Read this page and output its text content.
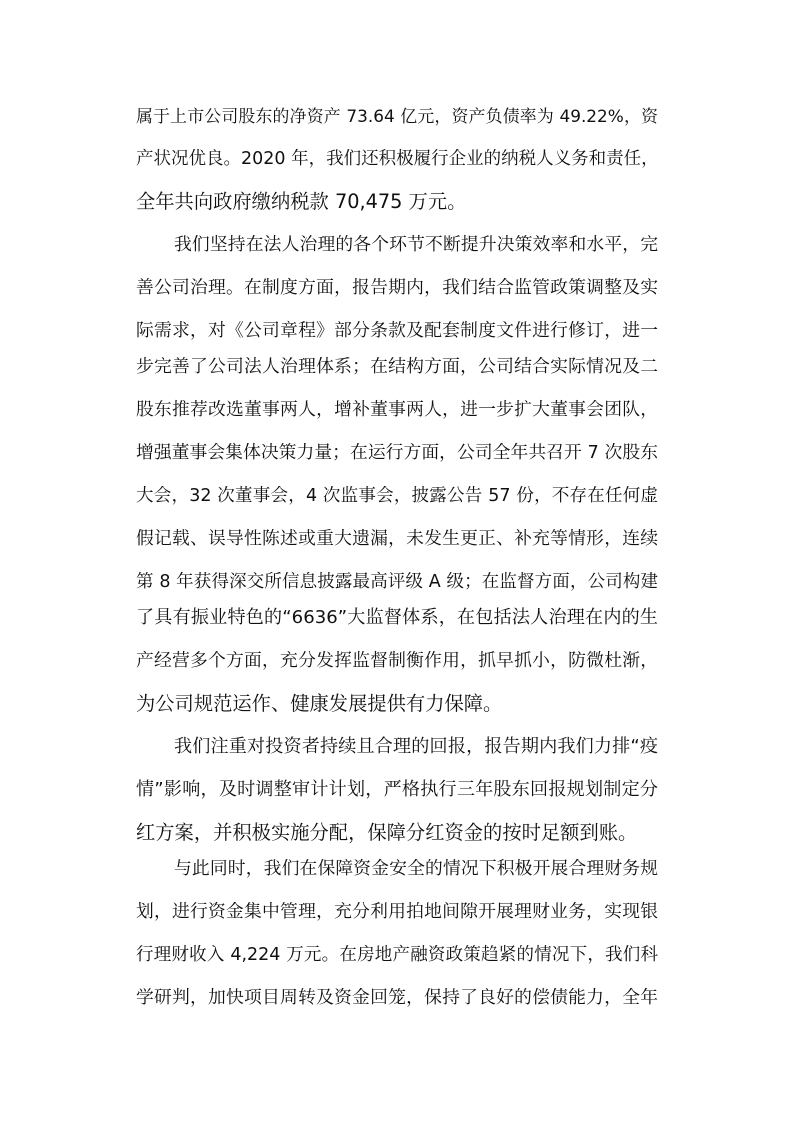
属于上市公司股东的净资产 73.64 亿元，资产负债率为 49.22%，资
产状况优良。2020 年，我们还积极履行企业的纳税人义务和责任，
全年共向政府缴纳税款 70,475 万元。
我们坚持在法人治理的各个环节不断提升决策效率和水平，完
善公司治理。在制度方面，报告期内，我们结合监管政策调整及实
际需求，对《公司章程》部分条款及配套制度文件进行修订，进一
步完善了公司法人治理体系；在结构方面，公司结合实际情况及二
股东推荐改选董事两人，增补董事两人，进一步扩大董事会团队，
增强董事会集体决策力量；在运行方面，公司全年共召开 7 次股东
大会，32 次董事会，4 次监事会，披露公告 57 份，不存在任何虚
假记载、误导性陈述或重大遗漏，未发生更正、补充等情形，连续
第 8 年获得深交所信息披露最高评级 A 级；在监督方面，公司构建
了具有振业特色的“6636”大监督体系，在包括法人治理在内的生
产经营多个方面，充分发挥监督制衡作用，抓早抓小，防微杜渐，
为公司规范运作、健康发展提供有力保障。
我们注重对投资者持续且合理的回报，报告期内我们力排“疫
情”影响，及时调整审计计划，严格执行三年股东回报规划制定分
红方案，并积极实施分配，保障分红资金的按时足额到账。
与此同时，我们在保障资金安全的情况下积极开展合理财务规
划，进行资金集中管理，充分利用拍地间隙开展理财业务，实现银
行理财收入 4,224 万元。在房地产融资政策趋紧的情况下，我们科
学研判，加快项目周转及资金回笼，保持了良好的偿债能力，全年
